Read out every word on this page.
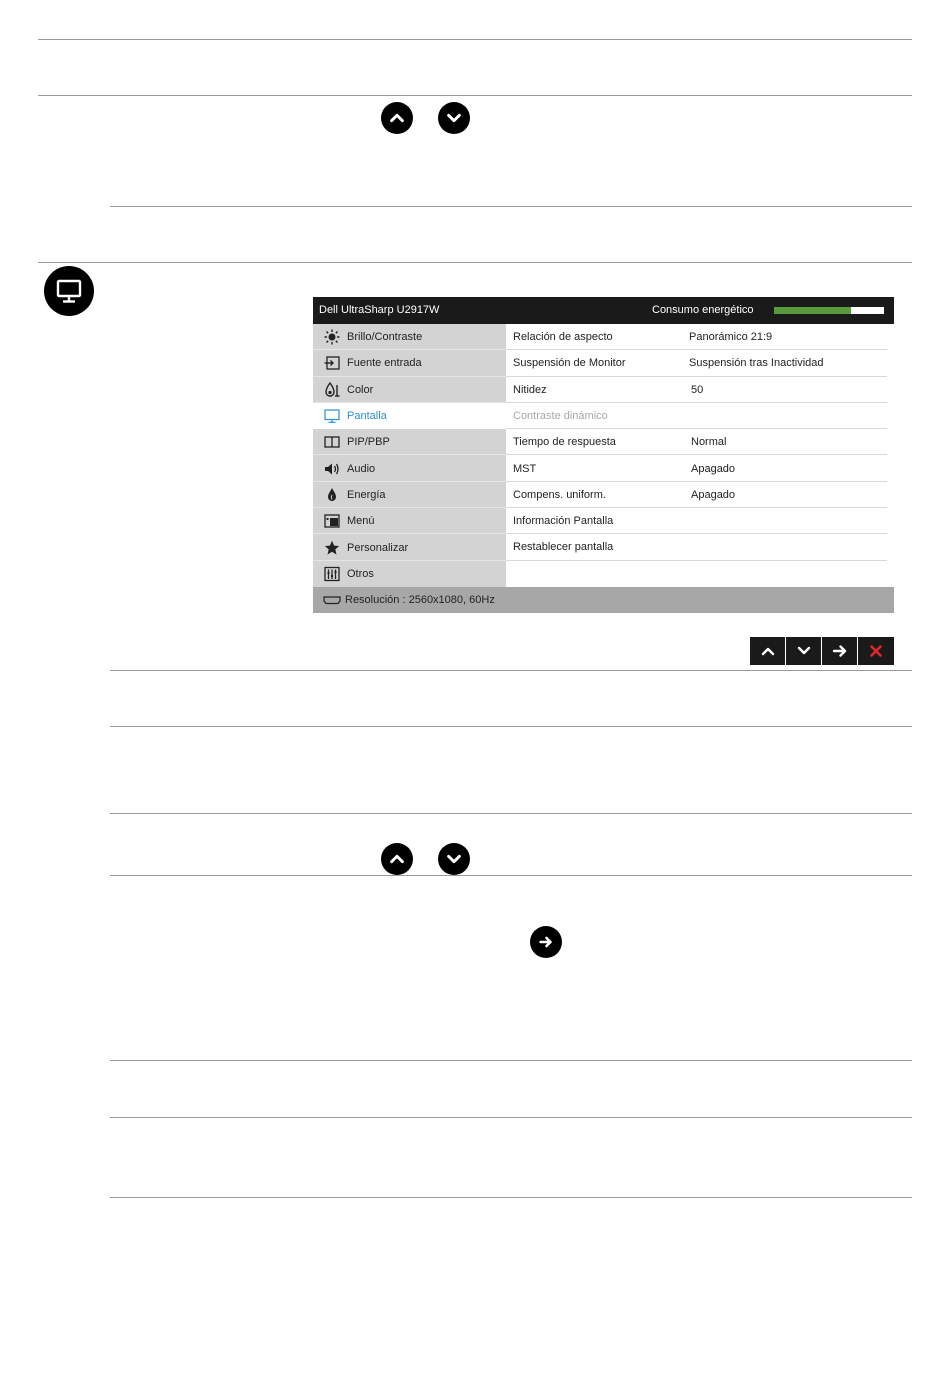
Dell UltraSharp U2917W	Consumo energético
Brillo/Contraste
Fuente entrada
Color
Pantalla
PIP/PBP
Audio
Energía
Menú
Personalizar
Otros
Relación de aspecto	Panorámico 21:9
Suspensión de Monitor	Suspensión tras Inactividad
Nitidez	50
Contraste dinámico
Tiempo de respuesta	Normal
MST	Apagado
Compens. uniform.	Apagado
Información Pantalla
Restablecer pantalla
Resolución : 2560x1080, 60Hz
